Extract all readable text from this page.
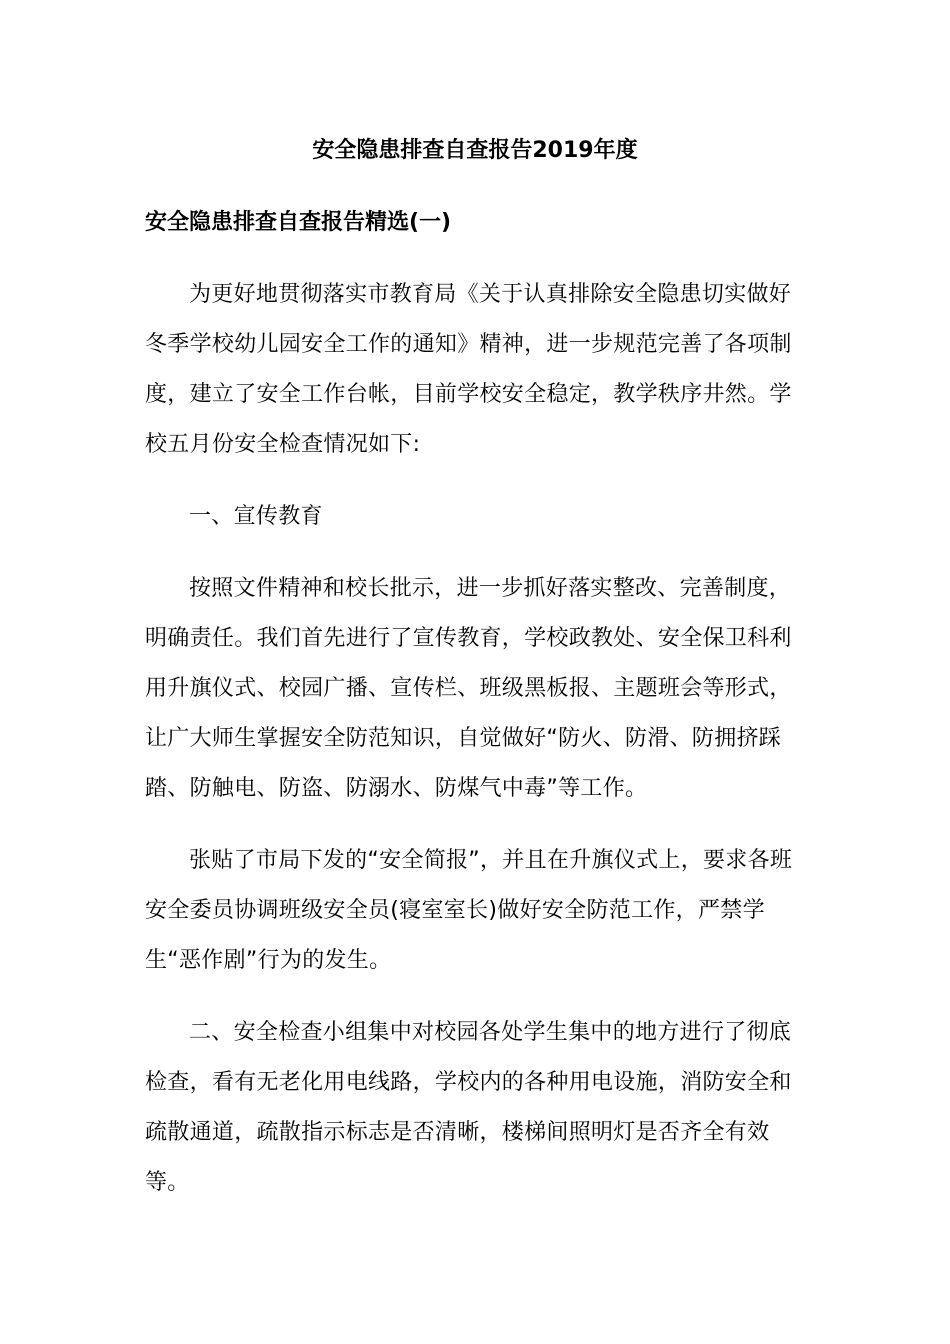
安全隐患排查自查报告2019年度
安全隐患排查自查报告精选(一)

为更好地贯彻落实市教育局《关于认真排除安全隐患切实做好冬季学校幼儿园安全工作的通知》精神，进一步规范完善了各项制度，建立了安全工作台帐，目前学校安全稳定，教学秩序井然。学校五月份安全检查情况如下:

一、宣传教育

按照文件精神和校长批示，进一步抓好落实整改、完善制度，明确责任。我们首先进行了宣传教育，学校政教处、安全保卫科利用升旗仪式、校园广播、宣传栏、班级黑板报、主题班会等形式，让广大师生掌握安全防范知识，自觉做好“防火、防滑、防拥挤踩踏、防触电、防盗、防溺水、防煤气中毒”等工作。

张贴了市局下发的“安全简报”，并且在升旗仪式上，要求各班安全委员协调班级安全员(寝室室长)做好安全防范工作，严禁学生“恶作剧”行为的发生。

二、安全检查小组集中对校园各处学生集中的地方进行了彻底检查，看有无老化用电线路，学校内的各种用电设施，消防安全和疏散通道，疏散指示标志是否清晰，楼梯间照明灯是否齐全有效等。
